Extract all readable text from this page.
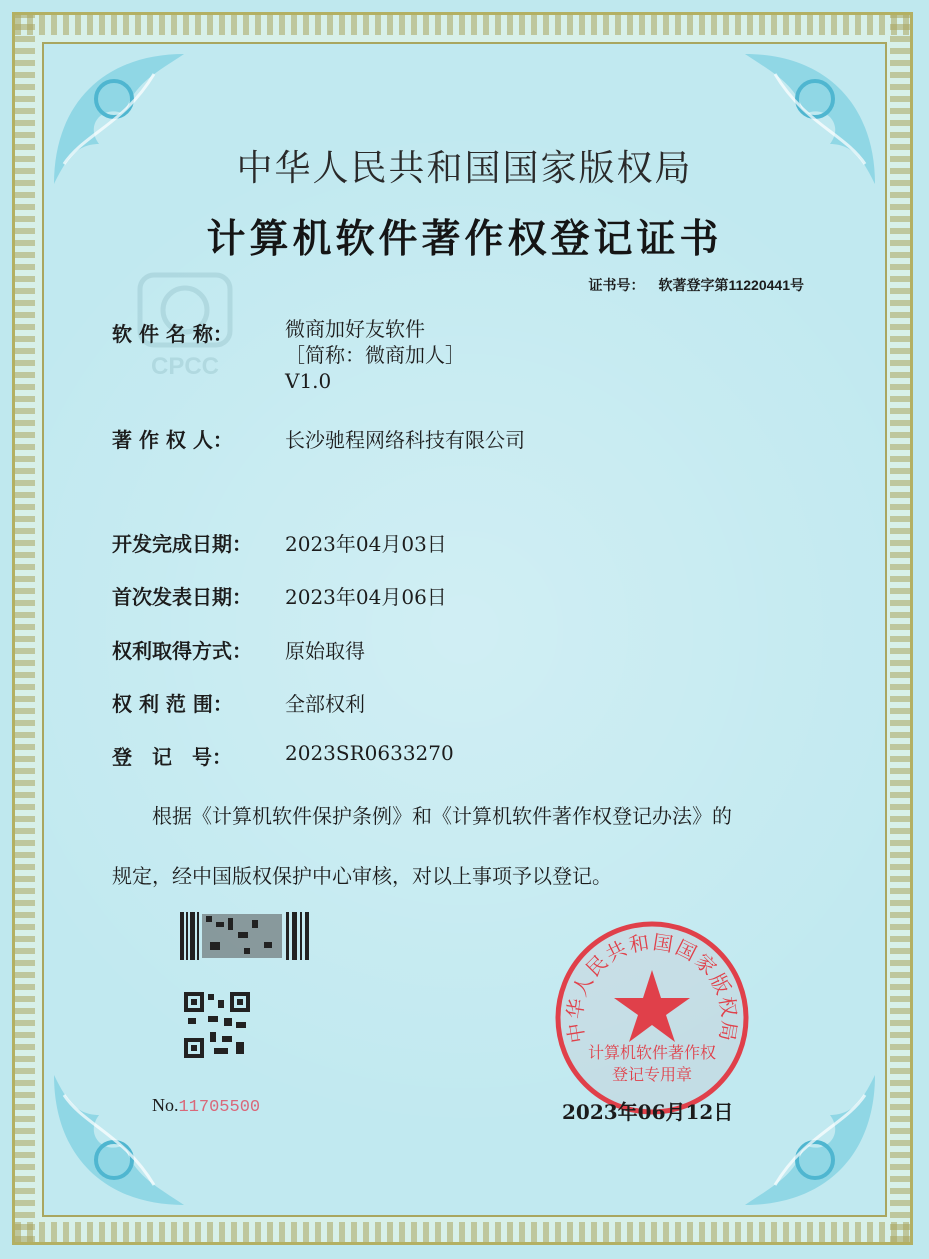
CPCC
中华人民共和国国家版权局
计算机软件著作权登记证书
证书号： 软著登字第11220441号
软 件 名 称：	微商加好友软件
［简称：微商加人］
V1.0
著 作 权 人：	长沙驰程网络科技有限公司
开发完成日期： 2023年04月03日
首次发表日期： 2023年04月06日
权利取得方式： 原始取得
权 利 范 围：	全部权利
登　记　号：	2023SR0633270
根据《计算机软件保护条例》和《计算机软件著作权登记办法》的
规定，经中国版权保护中心审核，对以上事项予以登记。
No.11705500
中华人民共和国国家版权局
计算机软件著作权
登记专用章
2023年06月12日
